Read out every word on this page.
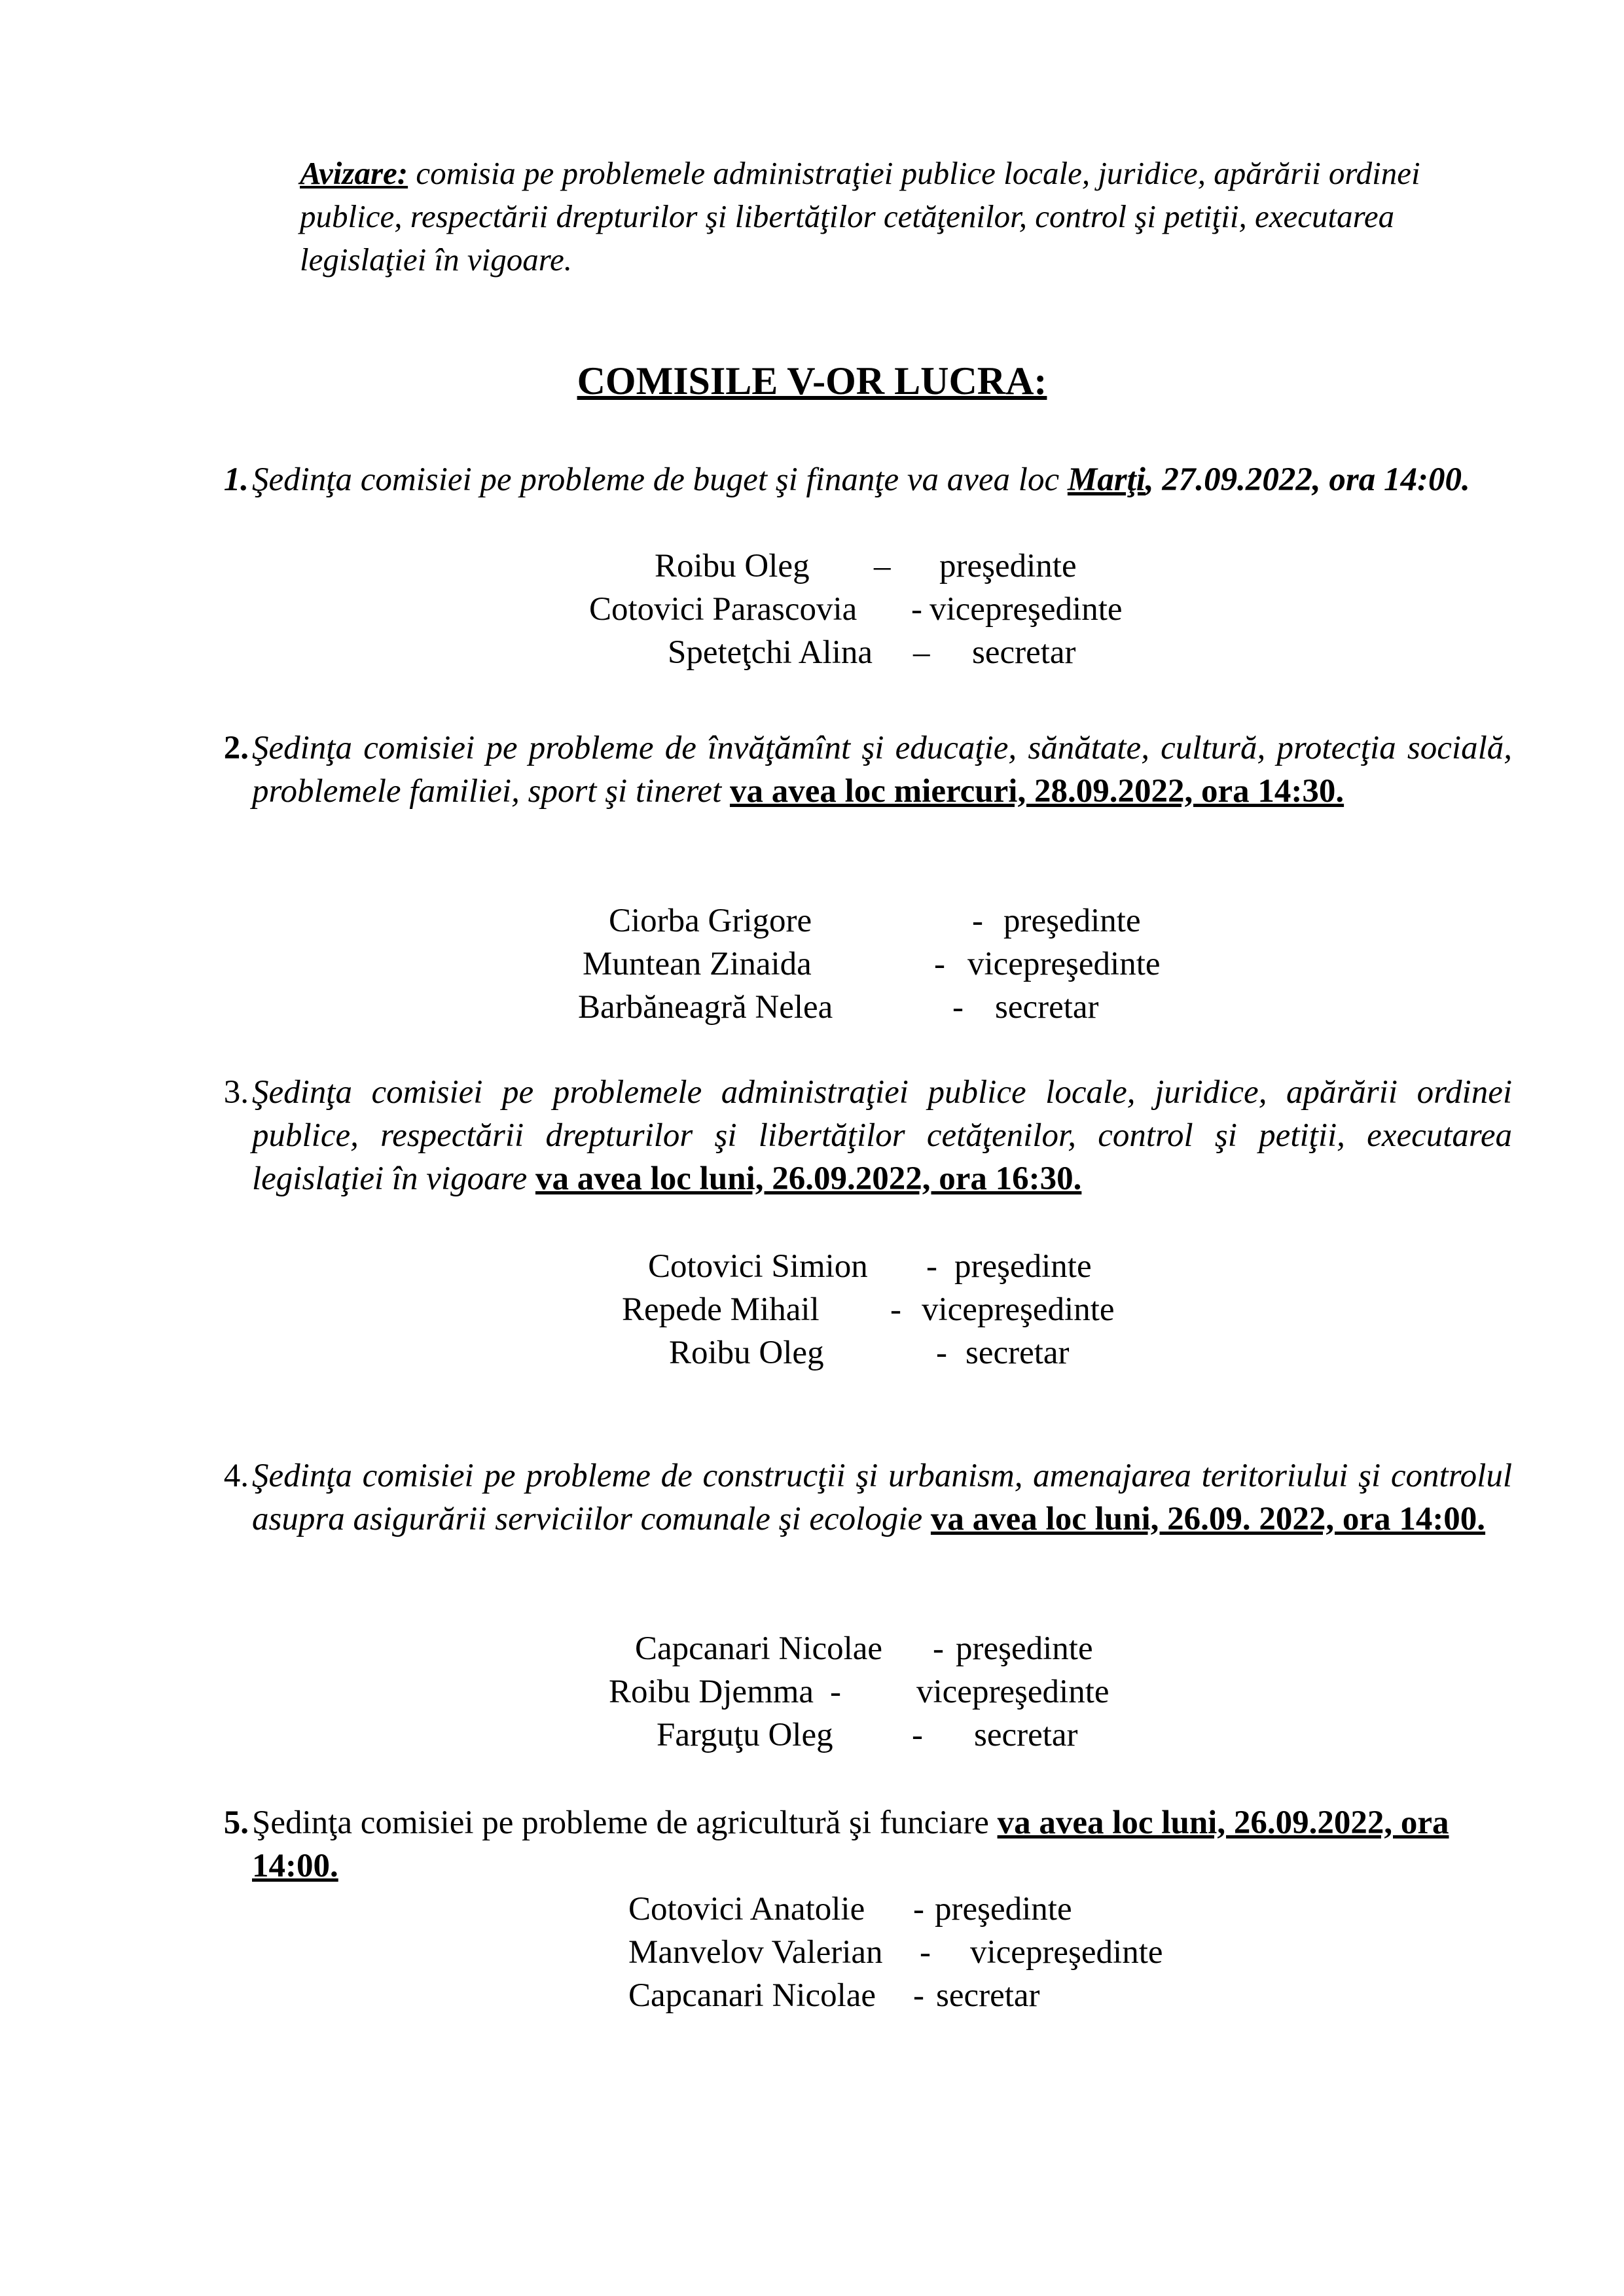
Avizare: comisia pe problemele administraţiei publice locale, juridice, apărării ordinei publice, respectării drepturilor şi libertăţilor cetăţenilor, control şi petiţii, executarea legislaţiei în vigoare.
COMISILE V-OR LUCRA:
1. Şedinţa comisiei pe probleme de buget şi finanţe va avea loc Marţi, 27.09.2022, ora 14:00.
Roibu Oleg – preşedinte
Cotovici Parascovia - vicepreşedinte
Speteţchi Alina – secretar
2. Şedinţa comisiei pe probleme de învăţămînt şi educaţie, sănătate, cultură, protecţia socială, problemele familiei, sport şi tineret va avea loc miercuri, 28.09.2022, ora 14:30.
Ciorba Grigore	- preşedinte
Muntean Zinaida	- vicepreşedinte
Barbăneagră Nelea	- secretar
3. Şedinţa comisiei pe problemele administraţiei publice locale, juridice, apărării ordinei publice, respectării drepturilor şi libertăţilor cetăţenilor, control şi petiţii, executarea legislaţiei în vigoare va avea loc luni, 26.09.2022, ora 16:30.
Cotovici Simion - preşedinte
Repede Mihail - vicepreşedinte
Roibu Oleg	- secretar
4. Şedinţa comisiei pe probleme de construcţii şi urbanism, amenajarea teritoriului şi controlul asupra asigurării serviciilor comunale şi ecologie va avea loc luni, 26.09. 2022, ora 14:00.
Capcanari Nicolae - preşedinte
Roibu Djemma - vicepreşedinte
Farguţu Oleg - secretar
5. Şedinţa comisiei pe probleme de agricultură şi funciare va avea loc luni, 26.09.2022, ora 14:00.
Cotovici Anatolie - preşedinte
Manvelov Valerian - vicepreşedinte
Capcanari Nicolae - secretar
